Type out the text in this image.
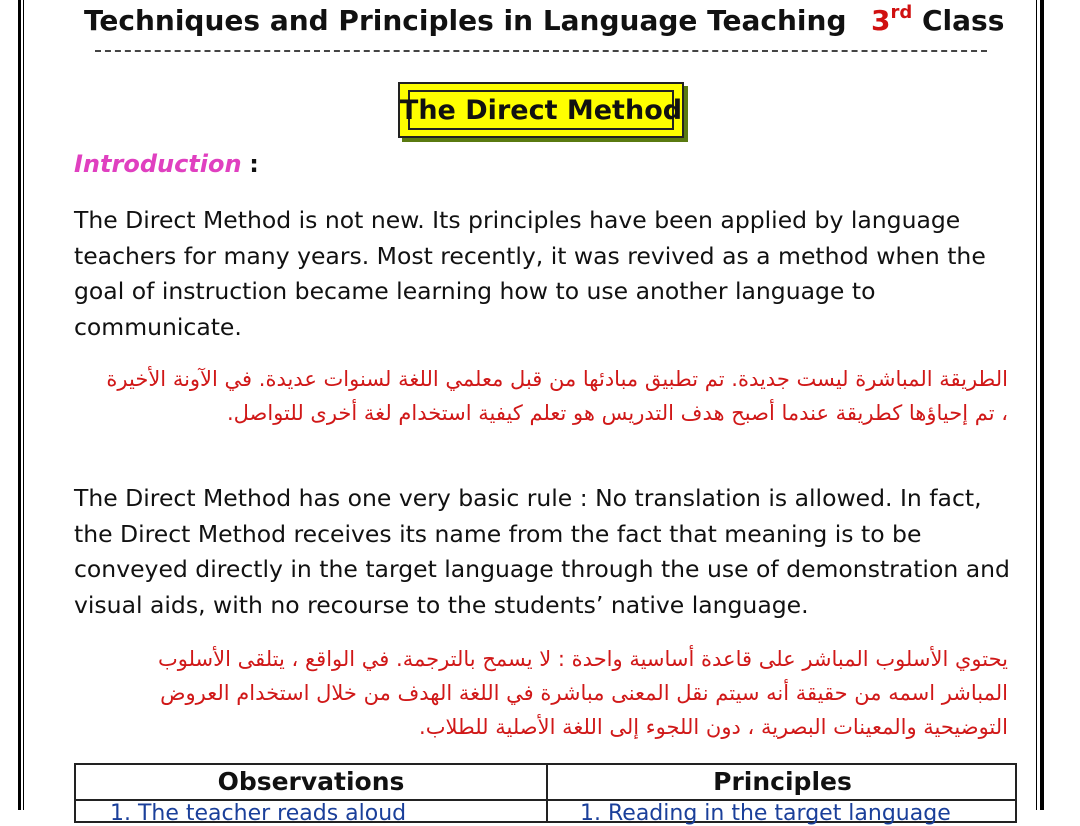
Techniques and Principles in Language Teaching 3rd Class
The Direct Method
Introduction :
The Direct Method is not new. Its principles have been applied by language
teachers for many years. Most recently, it was revived as a method when the
goal of instruction became learning how to use another language to
communicate.
الطريقة المباشرة ليست جديدة. تم تطبيق مبادئها من قبل معلمي اللغة لسنوات عديدة. في الآونة الأخيرة
، تم إحياؤها كطريقة عندما أصبح هدف التدريس هو تعلم كيفية استخدام لغة أخرى للتواصل.
The Direct Method has one very basic rule : No translation is allowed. In fact,
the Direct Method receives its name from the fact that meaning is to be
conveyed directly in the target language through the use of demonstration and
visual aids, with no recourse to the students’ native language.
يحتوي الأسلوب المباشر على قاعدة أساسية واحدة : لا يسمح بالترجمة. في الواقع ، يتلقى الأسلوب
المباشر اسمه من حقيقة أنه سيتم نقل المعنى مباشرة في اللغة الهدف من خلال استخدام العروض
التوضيحية والمعينات البصرية ، دون اللجوء إلى اللغة الأصلية للطلاب.
Observations	Principles
1. The teacher reads aloud	1. Reading in the target language
